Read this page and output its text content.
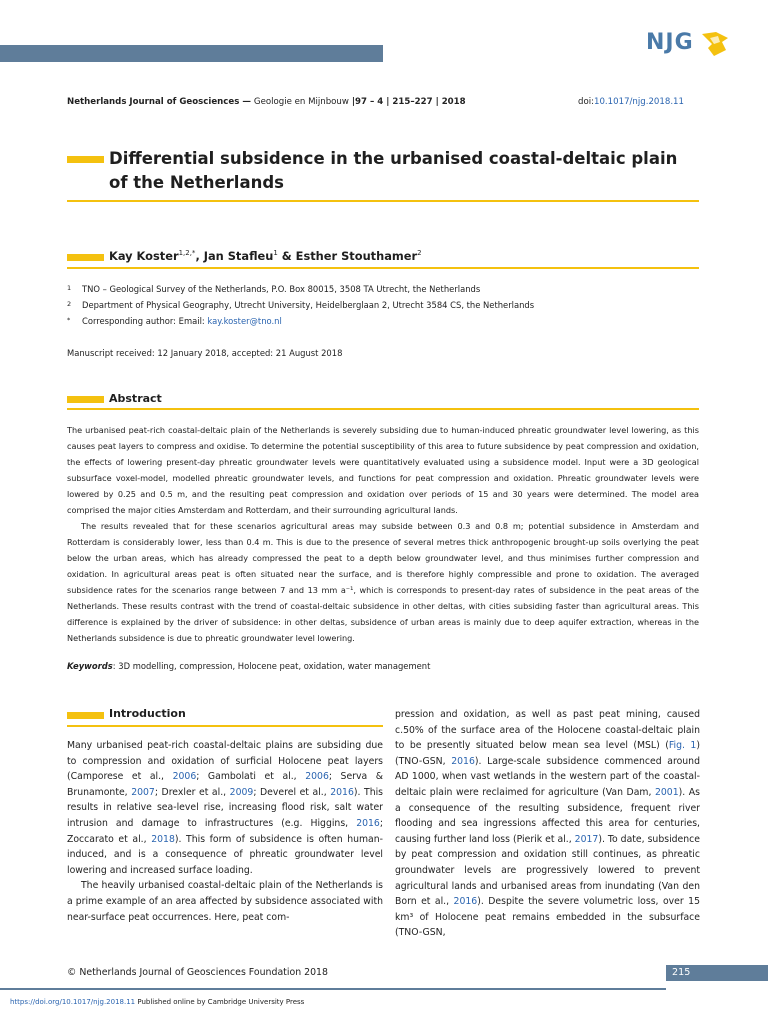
NJG
Netherlands Journal of Geosciences — Geologie en Mijnbouw |97 – 4 | 215–227 | 2018	doi:10.1017/njg.2018.11
Differential subsidence in the urbanised coastal-deltaic plain
of the Netherlands
Kay Koster$^{1,2,*}$, Jan Stafleu$^1$ & Esther Stouthamer$^2$
1 TNO – Geological Survey of the Netherlands, P.O. Box 80015, 3508 TA Utrecht, the Netherlands
2 Department of Physical Geography, Utrecht University, Heidelberglaan 2, Utrecht 3584 CS, the Netherlands
* Corresponding author: Email: kay.koster@tno.nl
Manuscript received: 12 January 2018, accepted: 21 August 2018
Abstract

The urbanised peat-rich coastal-deltaic plain of the Netherlands is severely subsiding due to human-induced phreatic groundwater level lowering, as this causes peat layers to compress and oxidise. To determine the potential susceptibility of this area to future subsidence by peat compression and oxidation, the effects of lowering present-day phreatic groundwater levels were quantitatively evaluated using a subsidence model. Input were a 3D geological subsurface voxel-model, modelled phreatic groundwater levels, and functions for peat compression and oxidation. Phreatic groundwater levels were lowered by 0.25 and 0.5 m, and the resulting peat compression and oxidation over periods of 15 and 30 years were determined. The model area comprised the major cities Amsterdam and Rotterdam, and their surrounding agricultural lands.

The results revealed that for these scenarios agricultural areas may subside between 0.3 and 0.8 m; potential subsidence in Amsterdam and Rotterdam is considerably lower, less than 0.4 m. This is due to the presence of several metres thick anthropogenic brought-up soils overlying the peat below the urban areas, which has already compressed the peat to a depth below groundwater level, and thus minimises further compression and oxidation. In agricultural areas peat is often situated near the surface, and is therefore highly compressible and prone to oxidation. The averaged subsidence rates for the scenarios range between 7 and 13 mm a⁻¹, which is corresponds to present-day rates of subsidence in the peat areas of the Netherlands. These results contrast with the trend of coastal-deltaic subsidence in other deltas, with cities subsiding faster than agricultural areas. This difference is explained by the driver of subsidence: in other deltas, subsidence of urban areas is mainly due to deep aquifer extraction, whereas in the Netherlands subsidence is due to phreatic groundwater level lowering.

Keywords: 3D modelling, compression, Holocene peat, oxidation, water management
Introduction

Many urbanised peat-rich coastal-deltaic plains are subsiding due to compression and oxidation of surficial Holocene peat layers (Camporese et al., 2006; Gambolati et al., 2006; Serva & Brunamonte, 2007; Drexler et al., 2009; Deverel et al., 2016). This results in relative sea-level rise, increasing flood risk, salt water intrusion and damage to infrastructures (e.g. Higgins, 2016; Zoccarato et al., 2018). This form of subsidence is often human-induced, and is a consequence of phreatic groundwater level lowering and increased surface loading.

The heavily urbanised coastal-deltaic plain of the Netherlands is a prime example of an area affected by subsidence associated with near-surface peat occurrences. Here, peat com-

pression and oxidation, as well as past peat mining, caused c.50% of the surface area of the Holocene coastal-deltaic plain to be presently situated below mean sea level (MSL) (Fig. 1) (TNO-GSN, 2016). Large-scale subsidence commenced around AD 1000, when vast wetlands in the western part of the coastal-deltaic plain were reclaimed for agriculture (Van Dam, 2001). As a consequence of the resulting subsidence, frequent river flooding and sea ingressions affected this area for centuries, causing further land loss (Pierik et al., 2017). To date, subsidence by peat compression and oxidation still continues, as phreatic groundwater levels are progressively lowered to prevent agricultural lands and urbanised areas from inundating (Van den Born et al., 2016). Despite the severe volumetric loss, over 15 km³ of Holocene peat remains embedded in the subsurface (TNO-GSN,

© Netherlands Journal of Geosciences Foundation 2018	215
https://doi.org/10.1017/njg.2018.11 Published online by Cambridge University Press
